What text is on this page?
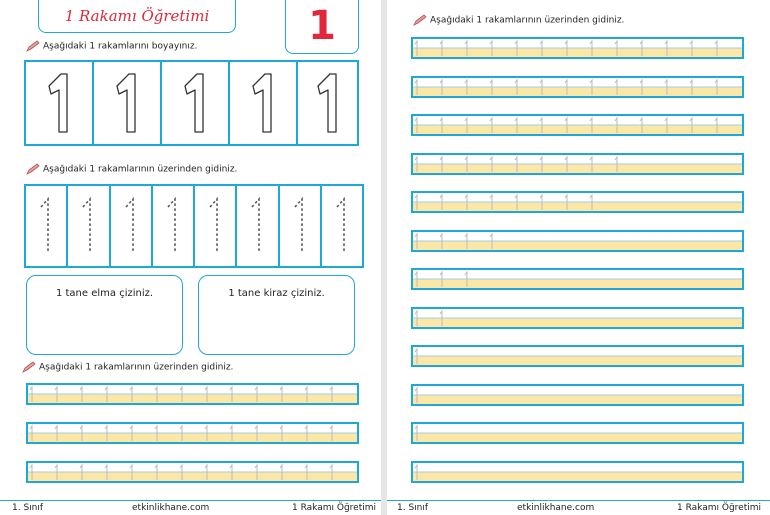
1 Rakamı Öğretimi	1
Aşağıdaki 1 rakamlarını boyayınız.
Aşağıdaki 1 rakamlarının üzerinden gidiniz.
1 tane elma çiziniz.	1 tane kiraz çiziniz.
Aşağıdaki 1 rakamlarının üzerinden gidiniz.
1. Sınıf	etkinlikhane.com	1 Rakamı Öğretimi
Aşağıdaki 1 rakamlarının üzerinden gidiniz.
1. Sınıf	etkinlikhane.com	1 Rakamı Öğretimi
